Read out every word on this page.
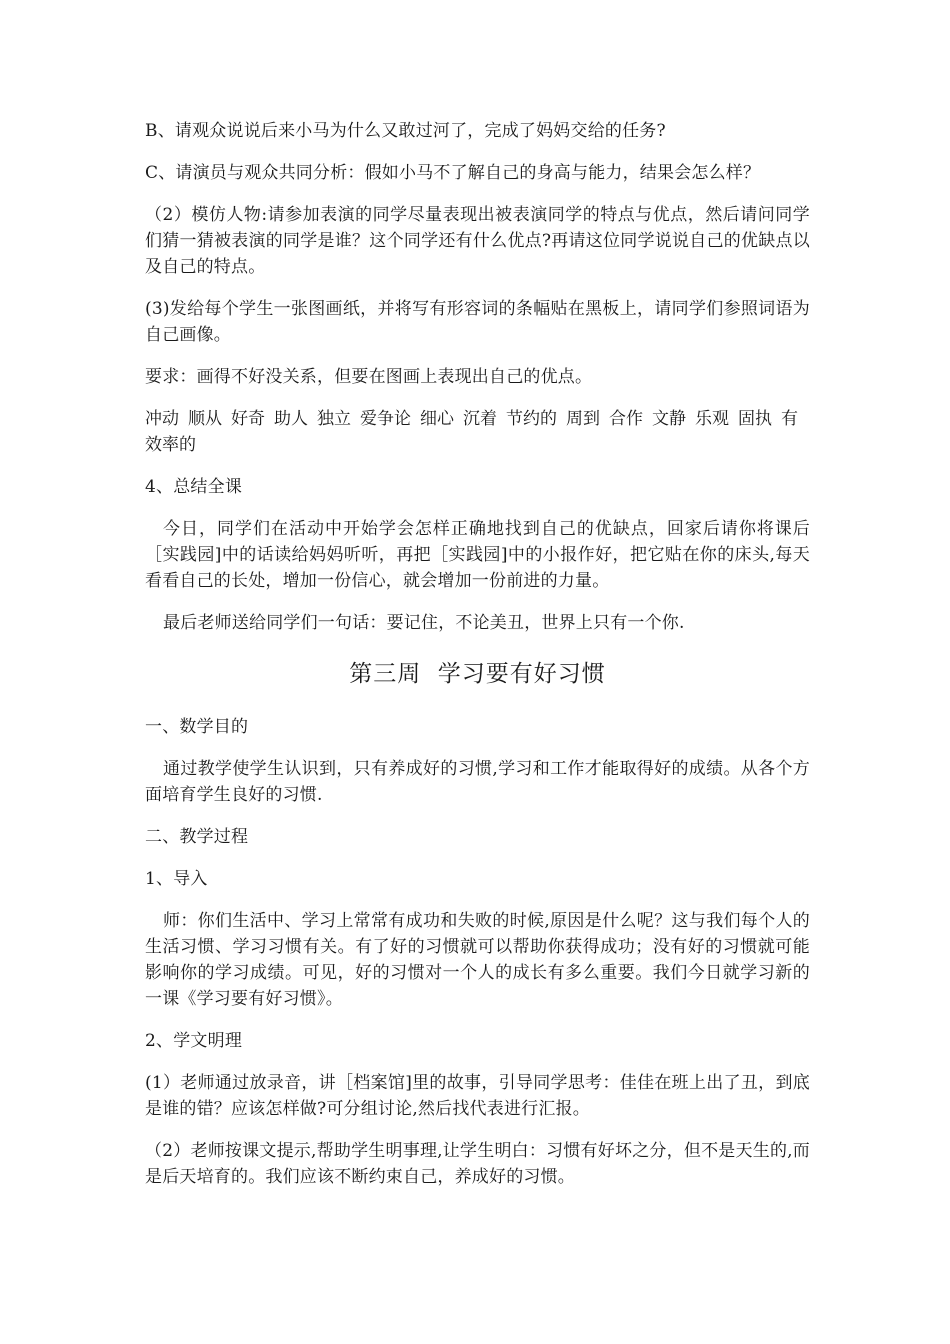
B、请观众说说后来小马为什么又敢过河了，完成了妈妈交给的任务?

C、请演员与观众共同分析：假如小马不了解自己的身高与能力，结果会怎么样？

（2）模仿人物:请参加表演的同学尽量表现出被表演同学的特点与优点，然后请问同学们猜一猜被表演的同学是谁？这个同学还有什么优点?再请这位同学说说自己的优缺点以及自己的特点。

(3)发给每个学生一张图画纸，并将写有形容词的条幅贴在黑板上，请同学们参照词语为自己画像。

要求：画得不好没关系，但要在图画上表现出自己的优点。

冲动 顺从 好奇 助人 独立 爱争论 细心 沉着 节约的 周到 合作 文静 乐观 固执 有效率的

4、总结全课

今日，同学们在活动中开始学会怎样正确地找到自己的优缺点，回家后请你将课后［实践园]中的话读给妈妈听听，再把［实践园]中的小报作好，把它贴在你的床头,每天看看自己的长处，增加一份信心，就会增加一份前进的力量。

最后老师送给同学们一句话：要记住，不论美丑，世界上只有一个你.

第三周  学习要有好习惯

一、数学目的

通过教学使学生认识到，只有养成好的习惯,学习和工作才能取得好的成绩。从各个方面培育学生良好的习惯.

二、教学过程

1、导入

师：你们生活中、学习上常常有成功和失败的时候,原因是什么呢？这与我们每个人的生活习惯、学习习惯有关。有了好的习惯就可以帮助你获得成功；没有好的习惯就可能影响你的学习成绩。可见，好的习惯对一个人的成长有多么重要。我们今日就学习新的一课《学习要有好习惯》。

2、学文明理

(1）老师通过放录音，讲［档案馆]里的故事，引导同学思考：佳佳在班上出了丑，到底是谁的错？应该怎样做?可分组讨论,然后找代表进行汇报。

（2）老师按课文提示,帮助学生明事理,让学生明白：习惯有好坏之分，但不是天生的,而是后天培育的。我们应该不断约束自己，养成好的习惯。
